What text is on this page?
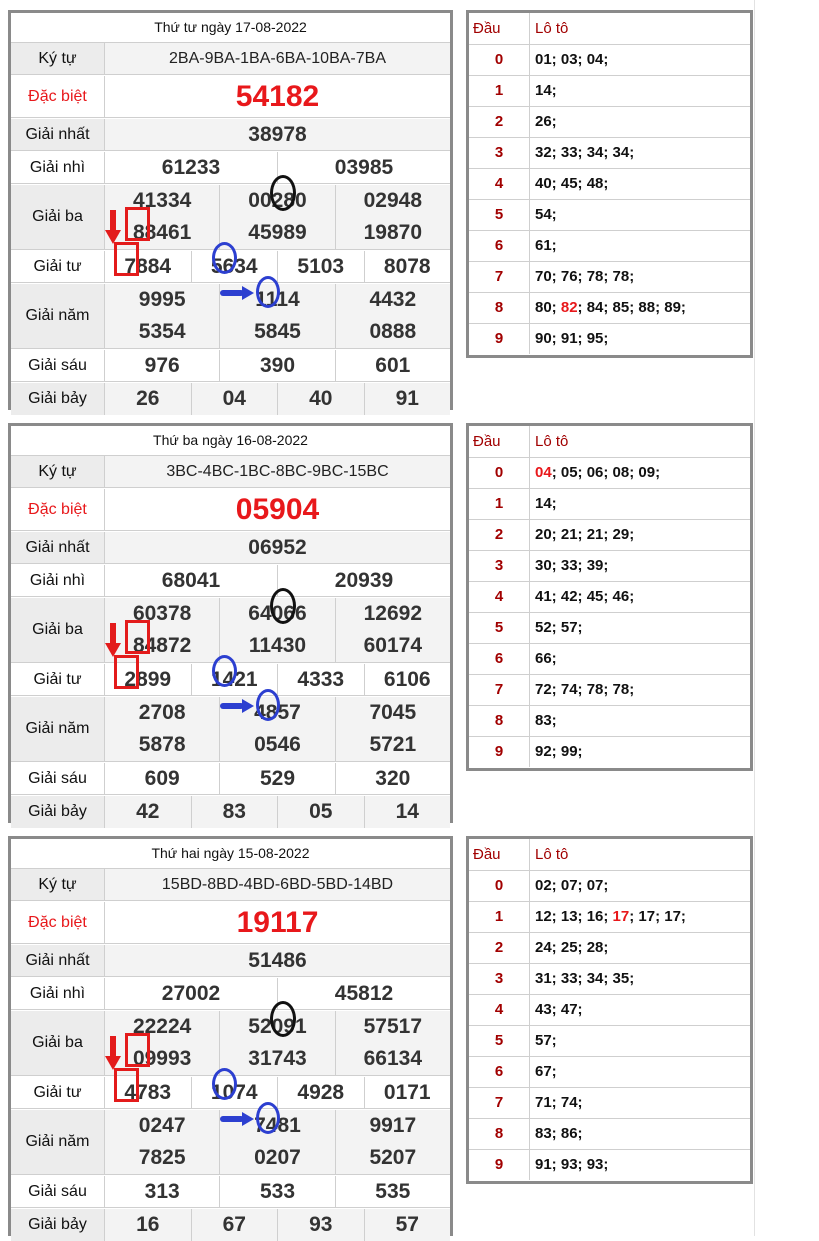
Thứ tư ngày 17-08-2022
Ký tự	2BA-9BA-1BA-6BA-10BA-7BA
Đặc biệt	54182
Giải nhất	38978
Giải nhì	61233	03985
Giải ba
41334	00280	02948
88461	45989	19870
Giải tư	7884	5634	5103	8078
Giải năm
9995	1114	4432
5354	5845	0888
Giải sáu	976	390	601
Giải bảy	26	04	40	91
Đầu	Lô tô
0	01; 03; 04;
1	14;
2	26;
3	32; 33; 34; 34;
4	40; 45; 48;
5	54;
6	61;
7	70; 76; 78; 78;
8	80; 82; 84; 85; 88; 89;
9	90; 91; 95;
Thứ ba ngày 16-08-2022
Ký tự	3BC-4BC-1BC-8BC-9BC-15BC
Đặc biệt	05904
Giải nhất	06952
Giải nhì	68041	20939
Giải ba
60378	64066	12692
84872	11430	60174
Giải tư	2899	1421	4333	6106
Giải năm
2708	4857	7045
5878	0546	5721
Giải sáu	609	529	320
Giải bảy	42	83	05	14
Đầu	Lô tô
0	04; 05; 06; 08; 09;
1	14;
2	20; 21; 21; 29;
3	30; 33; 39;
4	41; 42; 45; 46;
5	52; 57;
6	66;
7	72; 74; 78; 78;
8	83;
9	92; 99;
Thứ hai ngày 15-08-2022
Ký tự	15BD-8BD-4BD-6BD-5BD-14BD
Đặc biệt	19117
Giải nhất	51486
Giải nhì	27002	45812
Giải ba
22224	52091	57517
09993	31743	66134
Giải tư	4783	1074	4928	0171
Giải năm
0247	7481	9917
7825	0207	5207
Giải sáu	313	533	535
Giải bảy	16	67	93	57
Đầu	Lô tô
0	02; 07; 07;
1	12; 13; 16; 17; 17; 17;
2	24; 25; 28;
3	31; 33; 34; 35;
4	43; 47;
5	57;
6	67;
7	71; 74;
8	83; 86;
9	91; 93; 93;
